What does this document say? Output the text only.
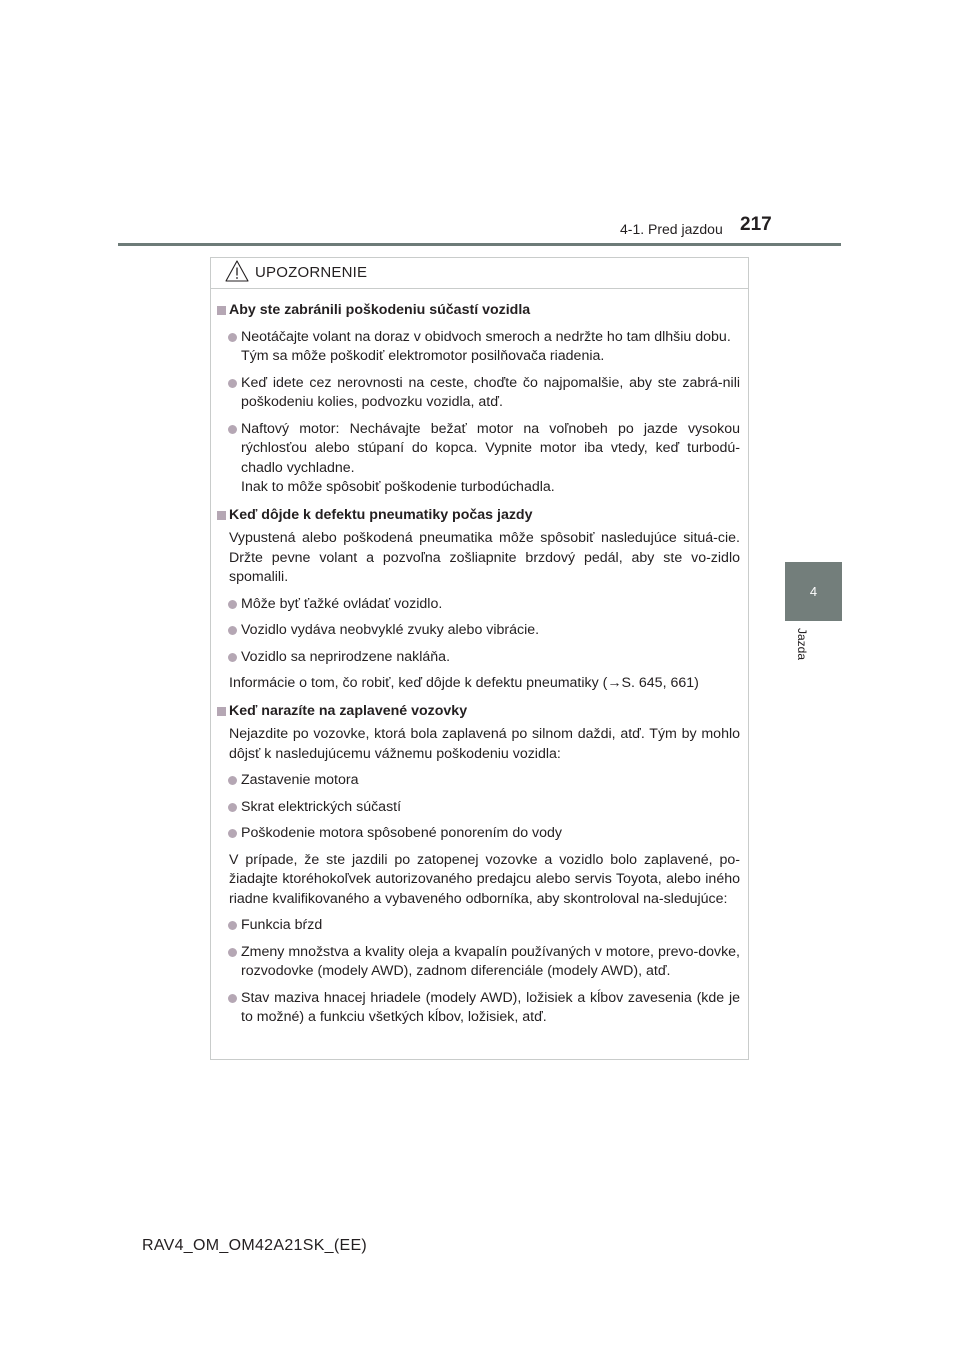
4-1. Pred jazdou 217
4
Jazda
UPOZORNENIE
Aby ste zabránili poškodeniu súčastí vozidla
Neotáčajte volant na doraz v obidvoch smeroch a nedržte ho tam dlhšiu dobu.
Tým sa môže poškodiť elektromotor posilňovača riadenia.
Keď idete cez nerovnosti na ceste, choďte čo najpomalšie, aby ste zabrá-nili poškodeniu kolies, podvozku vozidla, atď.
Naftový motor: Nechávajte bežať motor na voľnobeh po jazde vysokou rýchlosťou alebo stúpaní do kopca. Vypnite motor iba vtedy, keď turbodú-chadlo vychladne.
Inak to môže spôsobiť poškodenie turbodúchadla.
Keď dôjde k defektu pneumatiky počas jazdy
Vypustená alebo poškodená pneumatika môže spôsobiť nasledujúce situá-cie. Držte pevne volant a pozvoľna zošliapnite brzdový pedál, aby ste vo-zidlo spomalili.
Môže byť ťažké ovládať vozidlo.
Vozidlo vydáva neobvyklé zvuky alebo vibrácie.
Vozidlo sa neprirodzene nakláňa.
Informácie o tom, čo robiť, keď dôjde k defektu pneumatiky (→S. 645, 661)
Keď narazíte na zaplavené vozovky
Nejazdite po vozovke, ktorá bola zaplavená po silnom daždi, atď. Tým by mohlo dôjsť k nasledujúcemu vážnemu poškodeniu vozidla:
Zastavenie motora
Skrat elektrických súčastí
Poškodenie motora spôsobené ponorením do vody
V prípade, že ste jazdili po zatopenej vozovke a vozidlo bolo zaplavené, po-žiadajte ktoréhokoľvek autorizovaného predajcu alebo servis Toyota, alebo iného riadne kvalifikovaného a vybaveného odborníka, aby skontroloval na-sledujúce:
Funkcia bŕzd
Zmeny množstva a kvality oleja a kvapalín používaných v motore, prevo-dovke, rozvodovke (modely AWD), zadnom diferenciále (modely AWD), atď.
Stav maziva hnacej hriadele (modely AWD), ložisiek a kĺbov zavesenia (kde je to možné) a funkciu všetkých kĺbov, ložisiek, atď.
RAV4_OM_OM42A21SK_(EE)
